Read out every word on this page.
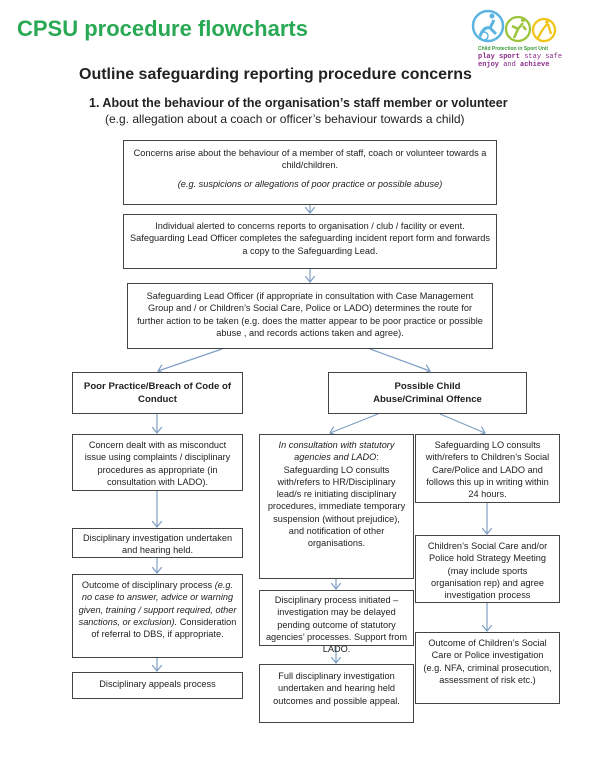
CPSU procedure flowcharts
Child Protection in Sport Unit
play sport stay safe
enjoy and achieve
Outline safeguarding reporting procedure concerns
1. About the behaviour of the organisation’s staff member or volunteer
(e.g. allegation about a coach or officer’s behaviour towards a child)

Concerns arise about the behaviour of a member of staff, coach or volunteer towards a child/children.

(e.g. suspicions or allegations of poor practice or possible abuse)

Individual alerted to concerns reports to organisation / club / facility or event. Safeguarding Lead Officer completes the safeguarding incident report form and forwards a copy to the Safeguarding Lead.

Safeguarding Lead Officer (if appropriate in consultation with Case Management Group and / or Children’s Social Care, Police or LADO) determines the route for further action to be taken (e.g. does the matter appear to be poor practice or possible abuse , and records actions taken and agree).

Poor Practice/Breach of Code of Conduct

Possible Child Abuse/Criminal Offence

Concern dealt with as misconduct issue using complaints / disciplinary procedures as appropriate (in consultation with LADO).

Disciplinary investigation undertaken and hearing held.

Outcome of disciplinary process (e.g. no case to answer, advice or warning given, training / support required, other sanctions, or exclusion). Consideration of referral to DBS, if appropriate.

Disciplinary appeals process

In consultation with statutory agencies and LADO: Safeguarding LO consults with/refers to HR/Disciplinary lead/s re initiating disciplinary procedures, immediate temporary suspension (without prejudice), and notification of other organisations.

Disciplinary process initiated – investigation may be delayed pending outcome of statutory agencies’ processes. Support from LADO.

Full disciplinary investigation undertaken and hearing held outcomes and possible appeal.

Safeguarding LO consults with/refers to Children’s Social Care/Police and LADO and follows this up in writing within 24 hours.

Children’s Social Care and/or Police hold Strategy Meeting (may include sports organisation rep) and agree investigation process

Outcome of Children’s Social Care or Police investigation (e.g. NFA, criminal prosecution, assessment of risk etc.)
